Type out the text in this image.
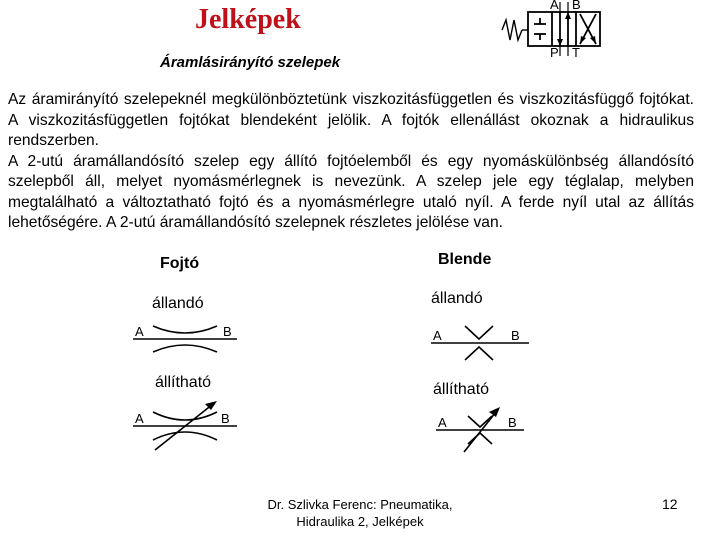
Jelképek
Áramlásirányító szelepek
A B
P T

Az áramirányító szelepeknél megkülönböztetünk viszkozitásfüggetlen és viszkozitásfüggő fojtókat. A viszkozitásfüggetlen fojtókat blendeként jelölik. A fojtók ellenállást okoznak a hidraulikus rendszerben.

A 2-utú áramállandósító szelep egy állító fojtóelemből és egy nyomáskülönbség állandósító szelepből áll, melyet nyomásmérlegnek is nevezünk. A szelep jele egy téglalap, melyben megtalálható a változtatható fojtó és a nyomásmérlegre utaló nyíl. A ferde nyíl utal az állítás lehetőségére. A 2-utú áramállandósító szelepnek részletes jelölése van.

Fojtó	Blende
állandó	állandó
állítható	állítható
A	B	A	B
A	B	A	B
Dr. Szlivka Ferenc: Pneumatika,
Hidraulika 2, Jelképek
12
